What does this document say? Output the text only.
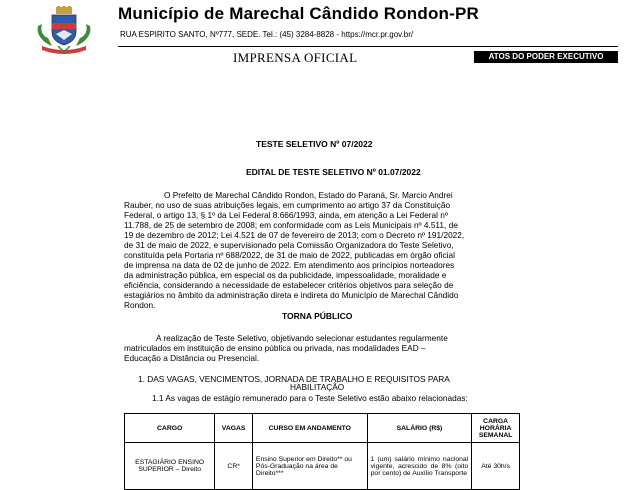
Município de Marechal Cândido Rondon-PR
RUA ESPIRITO SANTO, Nº777, SEDE. Tel.: (45) 3284-8828 - https://mcr.pr.gov.br/
IMPRENSA OFICIAL	ATOS DO PODER EXECUTIVO
TESTE SELETIVO Nº 07/2022
EDITAL DE TESTE SELETIVO Nº 01.07/2022
O Prefeito de Marechal Cândido Rondon, Estado do Paraná, Sr. Marcio Andrei
Rauber, no uso de suas atribuições legais, em cumprimento ao artigo 37 da Constituição
Federal, o artigo 13, § 1º da Lei Federal 8.666/1993, ainda, em atenção a Lei Federal nº
11.788, de 25 de setembro de 2008; em conformidade com as Leis Municipais nº 4.511, de
19 de dezembro de 2012; Lei 4.521 de 07 de fevereiro de 2013; com o Decreto nº 191/2022,
de 31 de maio de 2022, e supervisionado pela Comissão Organizadora do Teste Seletivo,
constituída pela Portaria nº 688/2022, de 31 de maio de 2022, publicadas em órgão oficial
de imprensa na data de 02 de junho de 2022. Em atendimento aos princípios norteadores
da administração pública, em especial os da publicidade, impessoalidade, moralidade e
eficiência, considerando a necessidade de estabelecer critérios objetivos para seleção de
estagiários no âmbito da administração direta e indireta do Município de Marechal Cândido
Rondon.
TORNA PÚBLICO
A realização de Teste Seletivo, objetivando selecionar estudantes regularmente
matriculados em instituição de ensino pública ou privada, nas modalidades EAD –
Educação a Distância ou Presencial.
1. DAS VAGAS, VENCIMENTOS, JORNADA DE TRABALHO E REQUISITOS PARA
HABILITAÇÃO
1.1 As vagas de estágio remunerado para o Teste Seletivo estão abaixo relacionadas:
CARGO	VAGAS	CURSO EM ANDAMENTO	SALÁRIO (R$)	CARGA HORÁRIA SEMANAL
ESTAGIÁRIO ENSINO SUPERIOR – Direito	CR*	Ensino Superior em Direito** ou Pós-Graduação na área de Direito***	1 (um) salário mínimo nacional vigente, acrescido de 8% (oito por cento) de Auxílio Transporte	Até 30h/s
